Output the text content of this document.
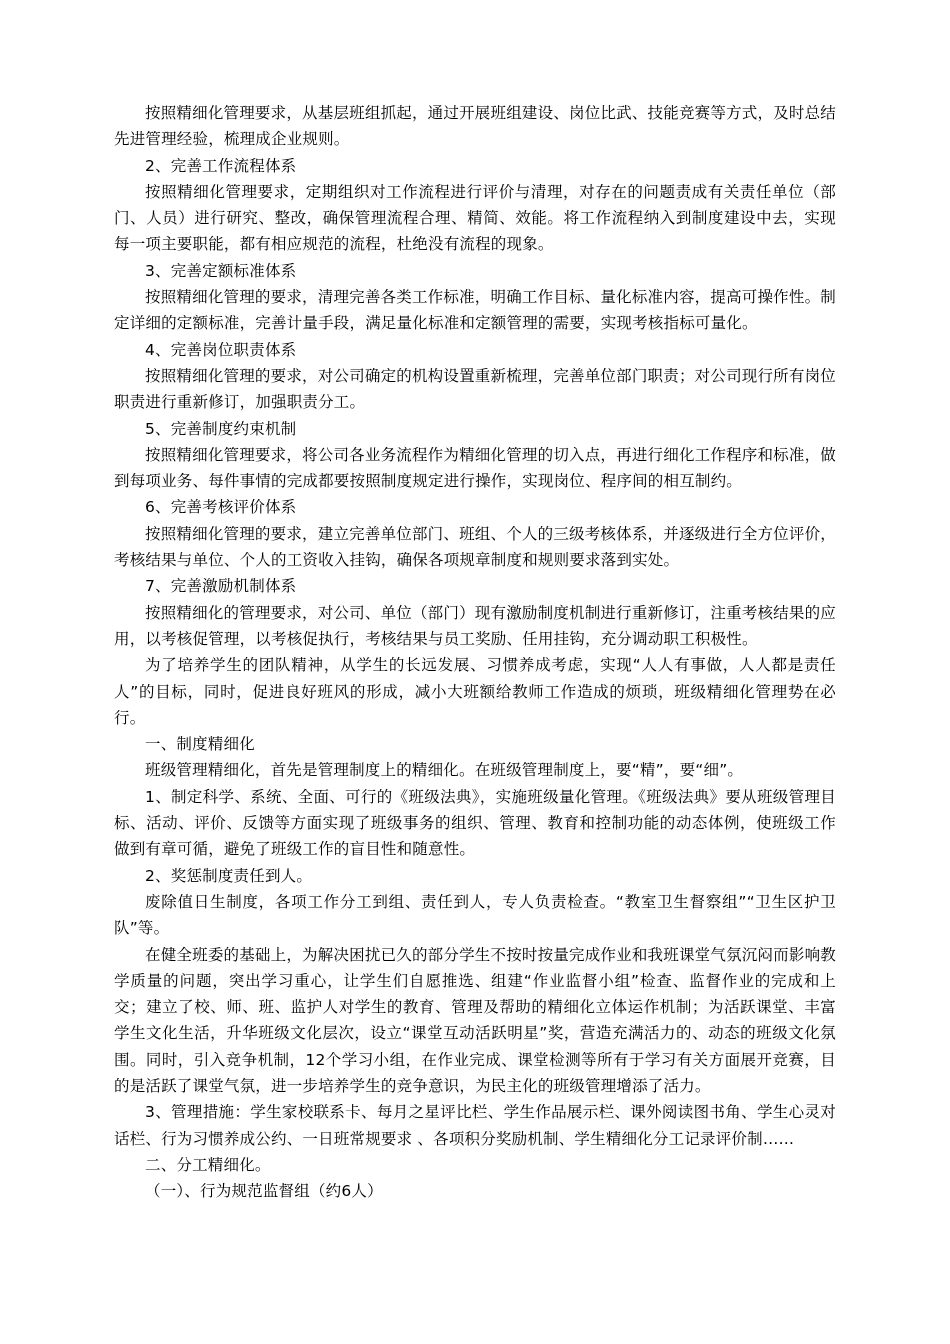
按照精细化管理要求，从基层班组抓起，通过开展班组建设、岗位比武、技能竞赛等方式，及时总结先进管理经验，梳理成企业规则。

2、完善工作流程体系

按照精细化管理要求，定期组织对工作流程进行评价与清理，对存在的问题责成有关责任单位（部门、人员）进行研究、整改，确保管理流程合理、精简、效能。将工作流程纳入到制度建设中去，实现每一项主要职能，都有相应规范的流程，杜绝没有流程的现象。

3、完善定额标准体系

按照精细化管理的要求，清理完善各类工作标准，明确工作目标、量化标准内容，提高可操作性。制定详细的定额标准，完善计量手段，满足量化标准和定额管理的需要，实现考核指标可量化。

4、完善岗位职责体系

按照精细化管理的要求，对公司确定的机构设置重新梳理，完善单位部门职责；对公司现行所有岗位职责进行重新修订，加强职责分工。

5、完善制度约束机制

按照精细化管理要求，将公司各业务流程作为精细化管理的切入点，再进行细化工作程序和标准，做到每项业务、每件事情的完成都要按照制度规定进行操作，实现岗位、程序间的相互制约。

6、完善考核评价体系

按照精细化管理的要求，建立完善单位部门、班组、个人的三级考核体系，并逐级进行全方位评价，考核结果与单位、个人的工资收入挂钩，确保各项规章制度和规则要求落到实处。

7、完善激励机制体系

按照精细化的管理要求，对公司、单位（部门）现有激励制度机制进行重新修订，注重考核结果的应用，以考核促管理，以考核促执行，考核结果与员工奖励、任用挂钩，充分调动职工积极性。

为了培养学生的团队精神，从学生的长远发展、习惯养成考虑，实现“人人有事做，人人都是责任人”的目标，同时，促进良好班风的形成，减小大班额给教师工作造成的烦琐，班级精细化管理势在必行。

一、制度精细化

班级管理精细化，首先是管理制度上的精细化。在班级管理制度上，要“精”，要“细”。

1、制定科学、系统、全面、可行的《班级法典》，实施班级量化管理。《班级法典》要从班级管理目标、活动、评价、反馈等方面实现了班级事务的组织、管理、教育和控制功能的动态体例，使班级工作做到有章可循，避免了班级工作的盲目性和随意性。

2、奖惩制度责任到人。

废除值日生制度，各项工作分工到组、责任到人，专人负责检查。“教室卫生督察组”“卫生区护卫队”等。

在健全班委的基础上，为解决困扰已久的部分学生不按时按量完成作业和我班课堂气氛沉闷而影响教学质量的问题，突出学习重心，让学生们自愿推选、组建“作业监督小组”检查、监督作业的完成和上交；建立了校、师、班、监护人对学生的教育、管理及帮助的精细化立体运作机制；为活跃课堂、丰富学生文化生活，升华班级文化层次，设立“课堂互动活跃明星”奖，营造充满活力的、动态的班级文化氛围。同时，引入竞争机制，12个学习小组，在作业完成、课堂检测等所有于学习有关方面展开竞赛，目的是活跃了课堂气氛，进一步培养学生的竞争意识，为民主化的班级管理增添了活力。

3、管理措施：学生家校联系卡、每月之星评比栏、学生作品展示栏、课外阅读图书角、学生心灵对话栏、行为习惯养成公约、一日班常规要求 、各项积分奖励机制、学生精细化分工记录评价制……

二、分工精细化。

（一）、行为规范监督组（约6人）
